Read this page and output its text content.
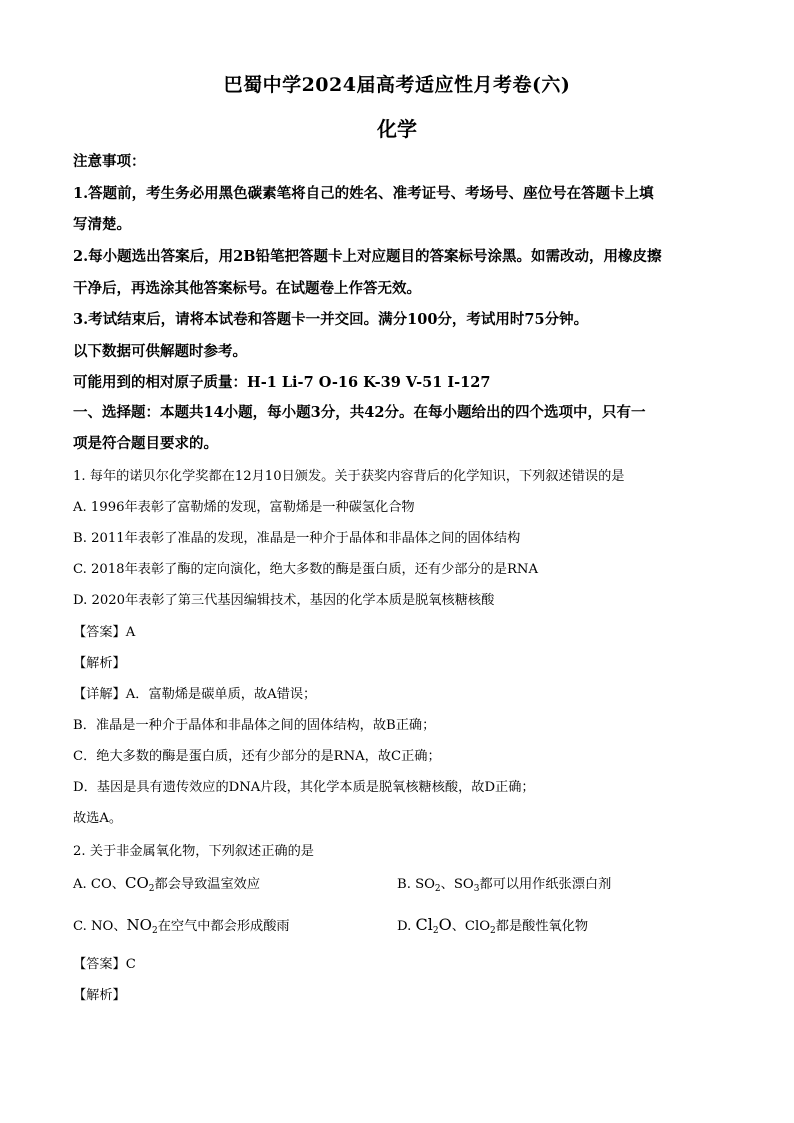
巴蜀中学2024届高考适应性月考卷(六)
化学
注意事项：
1.答题前，考生务必用黑色碳素笔将自己的姓名、准考证号、考场号、座位号在答题卡上填
写清楚。
2.每小题选出答案后，用2B铅笔把答题卡上对应题目的答案标号涂黑。如需改动，用橡皮擦
干净后，再选涂其他答案标号。在试题卷上作答无效。
3.考试结束后，请将本试卷和答题卡一并交回。满分100分，考试用时75分钟。
以下数据可供解题时参考。
可能用到的相对原子质量：H-1 Li-7 O-16 K-39 V-51 I-127
一、选择题：本题共14小题，每小题3分，共42分。在每小题给出的四个选项中，只有一
项是符合题目要求的。
1. 每年的诺贝尔化学奖都在12月10日颁发。关于获奖内容背后的化学知识，下列叙述错误的是
A. 1996年表彰了富勒烯的发现，富勒烯是一种碳氢化合物
B. 2011年表彰了准晶的发现，准晶是一种介于晶体和非晶体之间的固体结构
C. 2018年表彰了酶的定向演化，绝大多数的酶是蛋白质，还有少部分的是RNA
D. 2020年表彰了第三代基因编辑技术，基因的化学本质是脱氧核糖核酸
【答案】A
【解析】
【详解】A．富勒烯是碳单质，故A错误；
B．准晶是一种介于晶体和非晶体之间的固体结构，故B正确；
C．绝大多数的酶是蛋白质，还有少部分的是RNA，故C正确；
D．基因是具有遗传效应的DNA片段，其化学本质是脱氧核糖核酸，故D正确；
故选A。
2. 关于非金属氧化物，下列叙述正确的是
A. CO、$CO_2$都会导致温室效应	B. $SO_2$、$SO_3$都可以用作纸张漂白剂
C. NO、$NO_2$在空气中都会形成酸雨	D. $Cl_2O$、ClO$_2$都是酸性氧化物
【答案】C
【解析】
